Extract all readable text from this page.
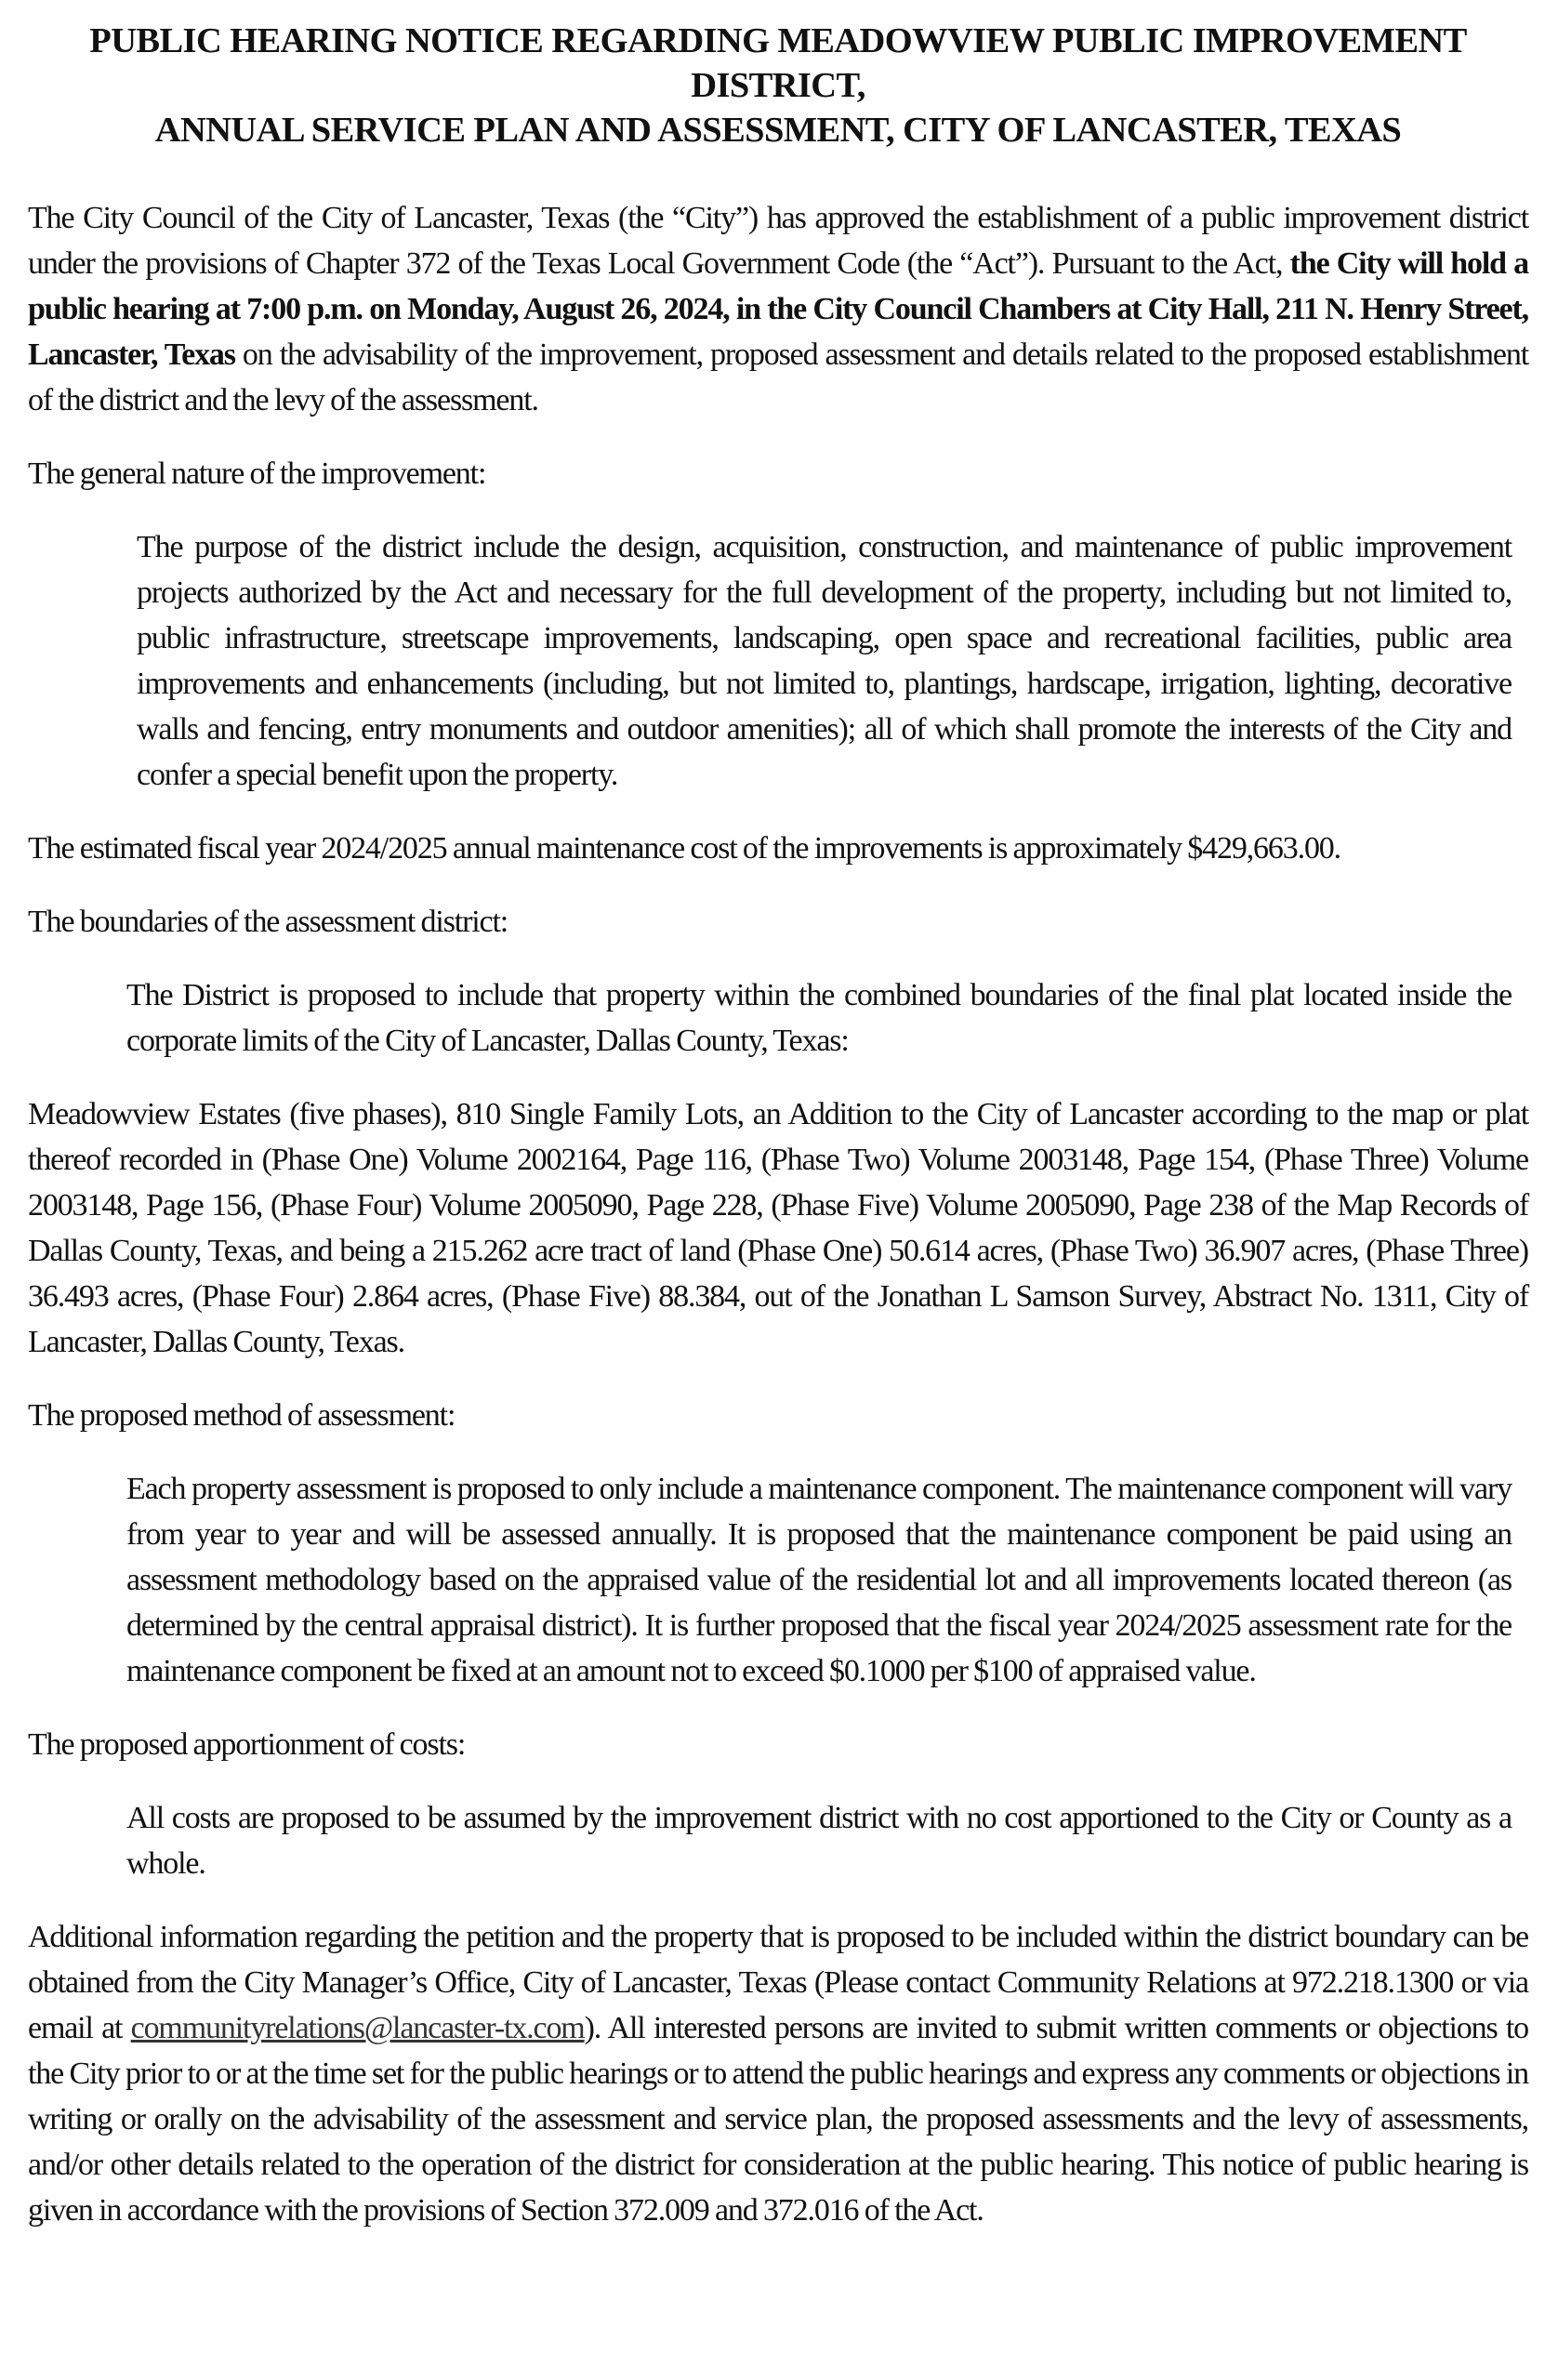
PUBLIC HEARING NOTICE REGARDING MEADOWVIEW PUBLIC IMPROVEMENT DISTRICT,
ANNUAL SERVICE PLAN AND ASSESSMENT, CITY OF LANCASTER, TEXAS

The City Council of the City of Lancaster, Texas (the “City”) has approved the establishment of a public improvement district under the provisions of Chapter 372 of the Texas Local Government Code (the “Act”). Pursuant to the Act, the City will hold a public hearing at 7:00 p.m. on Monday, August 26, 2024, in the City Council Chambers at City Hall, 211 N. Henry Street, Lancaster, Texas on the advisability of the improvement, proposed assessment and details related to the proposed establishment of the district and the levy of the assessment.

The general nature of the improvement:

The purpose of the district include the design, acquisition, construction, and maintenance of public improvement projects authorized by the Act and necessary for the full development of the property, including but not limited to, public infrastructure, streetscape improvements, landscaping, open space and recreational facilities, public area improvements and enhancements (including, but not limited to, plantings, hardscape, irrigation, lighting, decorative walls and fencing, entry monuments and outdoor amenities); all of which shall promote the interests of the City and confer a special benefit upon the property.

The estimated fiscal year 2024/2025 annual maintenance cost of the improvements is approximately $429,663.00.

The boundaries of the assessment district:

The District is proposed to include that property within the combined boundaries of the final plat located inside the corporate limits of the City of Lancaster, Dallas County, Texas:

Meadowview Estates (five phases), 810 Single Family Lots, an Addition to the City of Lancaster according to the map or plat thereof recorded in (Phase One) Volume 2002164, Page 116, (Phase Two) Volume 2003148, Page 154, (Phase Three) Volume 2003148, Page 156, (Phase Four) Volume 2005090, Page 228, (Phase Five) Volume 2005090, Page 238 of the Map Records of Dallas County, Texas, and being a 215.262 acre tract of land (Phase One) 50.614 acres, (Phase Two) 36.907 acres, (Phase Three) 36.493 acres, (Phase Four) 2.864 acres, (Phase Five) 88.384, out of the Jonathan L Samson Survey, Abstract No. 1311, City of Lancaster, Dallas County, Texas.

The proposed method of assessment:

Each property assessment is proposed to only include a maintenance component. The maintenance component will vary from year to year and will be assessed annually. It is proposed that the maintenance component be paid using an assessment methodology based on the appraised value of the residential lot and all improvements located thereon (as determined by the central appraisal district). It is further proposed that the fiscal year 2024/2025 assessment rate for the maintenance component be fixed at an amount not to exceed $0.1000 per $100 of appraised value.

The proposed apportionment of costs:

All costs are proposed to be assumed by the improvement district with no cost apportioned to the City or County as a whole.

Additional information regarding the petition and the property that is proposed to be included within the district boundary can be obtained from the City Manager’s Office, City of Lancaster, Texas (Please contact Community Relations at 972.218.1300 or via email at communityrelations@lancaster-tx.com). All interested persons are invited to submit written comments or objections to the City prior to or at the time set for the public hearings or to attend the public hearings and express any comments or objections in writing or orally on the advisability of the assessment and service plan, the proposed assessments and the levy of assessments, and/or other details related to the operation of the district for consideration at the public hearing. This notice of public hearing is given in accordance with the provisions of Section 372.009 and 372.016 of the Act.
